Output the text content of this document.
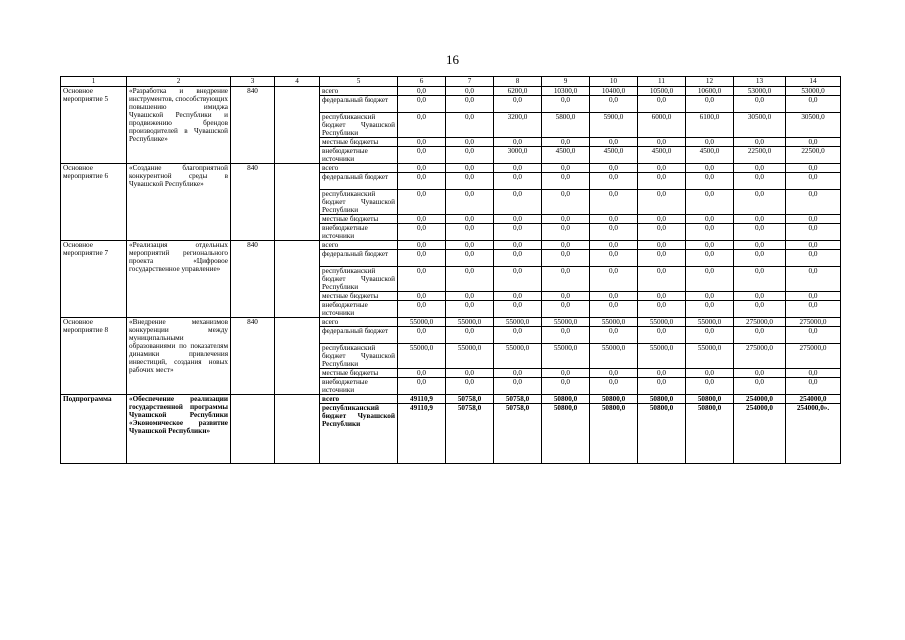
16
1	2	3	4	5	6	7	8	9	10	11	12	13	14
Основное мероприятие 5	«Разработка и внедрение инструментов, способствующих повышению имиджа Чувашской Республики и продвижению брендов производителей в Чувашской Республике»	840		всего	0,0	0,0	6200,0	10300,0	10400,0	10500,0	10600,0	53000,0	53000,0
				федеральный бюджет	0,0	0,0	0,0	0,0	0,0	0,0	0,0	0,0	0,0
				республиканский бюджет Чувашской Республики	0,0	0,0	3200,0	5800,0	5900,0	6000,0	6100,0	30500,0	30500,0
				местные бюджеты	0,0	0,0	0,0	0,0	0,0	0,0	0,0	0,0	0,0
				внебюджетные источники	0,0	0,0	3000,0	4500,0	4500,0	4500,0	4500,0	22500,0	22500,0
Основное мероприятие 6	«Создание благоприятной конкурентной среды в Чувашской Республике»	840		всего	0,0	0,0	0,0	0,0	0,0	0,0	0,0	0,0	0,0
				федеральный бюджет	0,0	0,0	0,0	0,0	0,0	0,0	0,0	0,0	0,0
				республиканский бюджет Чувашской Республики	0,0	0,0	0,0	0,0	0,0	0,0	0,0	0,0	0,0
				местные бюджеты	0,0	0,0	0,0	0,0	0,0	0,0	0,0	0,0	0,0
				внебюджетные источники	0,0	0,0	0,0	0,0	0,0	0,0	0,0	0,0	0,0
Основное мероприятие 7	«Реализация отдельных мероприятий регионального проекта «Цифровое государственное управление»	840		всего	0,0	0,0	0,0	0,0	0,0	0,0	0,0	0,0	0,0
				федеральный бюджет	0,0	0,0	0,0	0,0	0,0	0,0	0,0	0,0	0,0
				республиканский бюджет Чувашской Республики	0,0	0,0	0,0	0,0	0,0	0,0	0,0	0,0	0,0
				местные бюджеты	0,0	0,0	0,0	0,0	0,0	0,0	0,0	0,0	0,0
				внебюджетные источники	0,0	0,0	0,0	0,0	0,0	0,0	0,0	0,0	0,0
Основное мероприятие 8	«Внедрение механизмов конкуренции между муниципальными образованиями по показателям динамики привлечения инвестиций, создания новых рабочих мест»	840		всего	55000,0	55000,0	55000,0	55000,0	55000,0	55000,0	55000,0	275000,0	275000,0
				федеральный бюджет	0,0	0,0	0,0	0,0	0,0	0,0	0,0	0,0	0,0
				республиканский бюджет Чувашской Республики	55000,0	55000,0	55000,0	55000,0	55000,0	55000,0	55000,0	275000,0	275000,0
				местные бюджеты	0,0	0,0	0,0	0,0	0,0	0,0	0,0	0,0	0,0
				внебюджетные источники	0,0	0,0	0,0	0,0	0,0	0,0	0,0	0,0	0,0
Подпрограмма	«Обеспечение реализации государственной программы Чувашской Республики «Экономическое развитие Чувашской Республики»			всего	49110,9	50758,0	50758,0	50800,0	50800,0	50800,0	50800,0	254000,0	254000,0
				республиканский бюджет Чувашской Республики	49110,9	50758,0	50758,0	50800,0	50800,0	50800,0	50800,0	254000,0	254000,0».
